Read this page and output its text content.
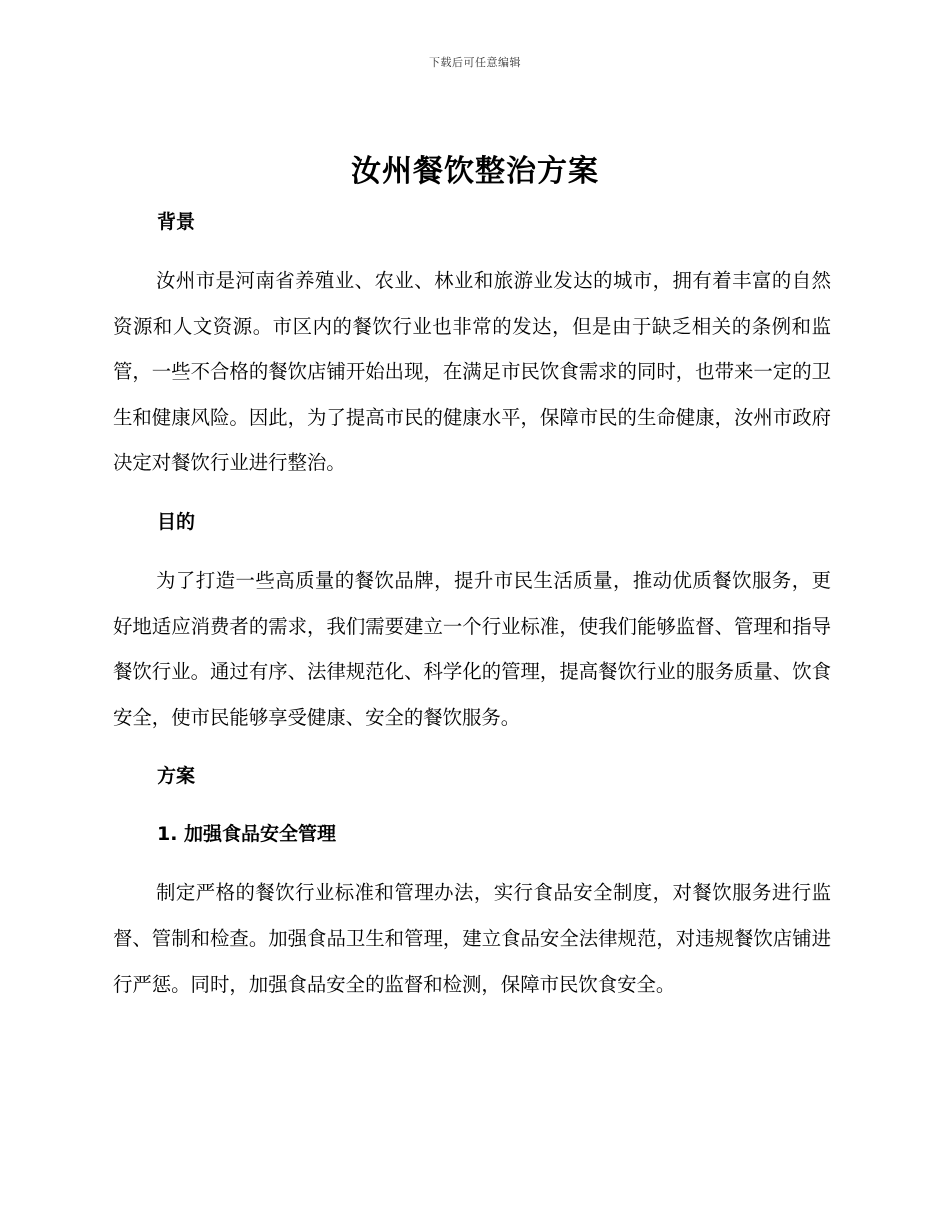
下载后可任意编辑
汝州餐饮整治方案

背景

汝州市是河南省养殖业、农业、林业和旅游业发达的城市，拥有着丰富的自然资源和人文资源。市区内的餐饮行业也非常的发达，但是由于缺乏相关的条例和监管，一些不合格的餐饮店铺开始出现，在满足市民饮食需求的同时，也带来一定的卫生和健康风险。因此，为了提高市民的健康水平，保障市民的生命健康，汝州市政府决定对餐饮行业进行整治。

目的

为了打造一些高质量的餐饮品牌，提升市民生活质量，推动优质餐饮服务，更好地适应消费者的需求，我们需要建立一个行业标准，使我们能够监督、管理和指导餐饮行业。通过有序、法律规范化、科学化的管理，提高餐饮行业的服务质量、饮食安全，使市民能够享受健康、安全的餐饮服务。

方案

1. 加强食品安全管理

制定严格的餐饮行业标准和管理办法，实行食品安全制度，对餐饮服务进行监督、管制和检查。加强食品卫生和管理，建立食品安全法律规范，对违规餐饮店铺进行严惩。同时，加强食品安全的监督和检测，保障市民饮食安全。
